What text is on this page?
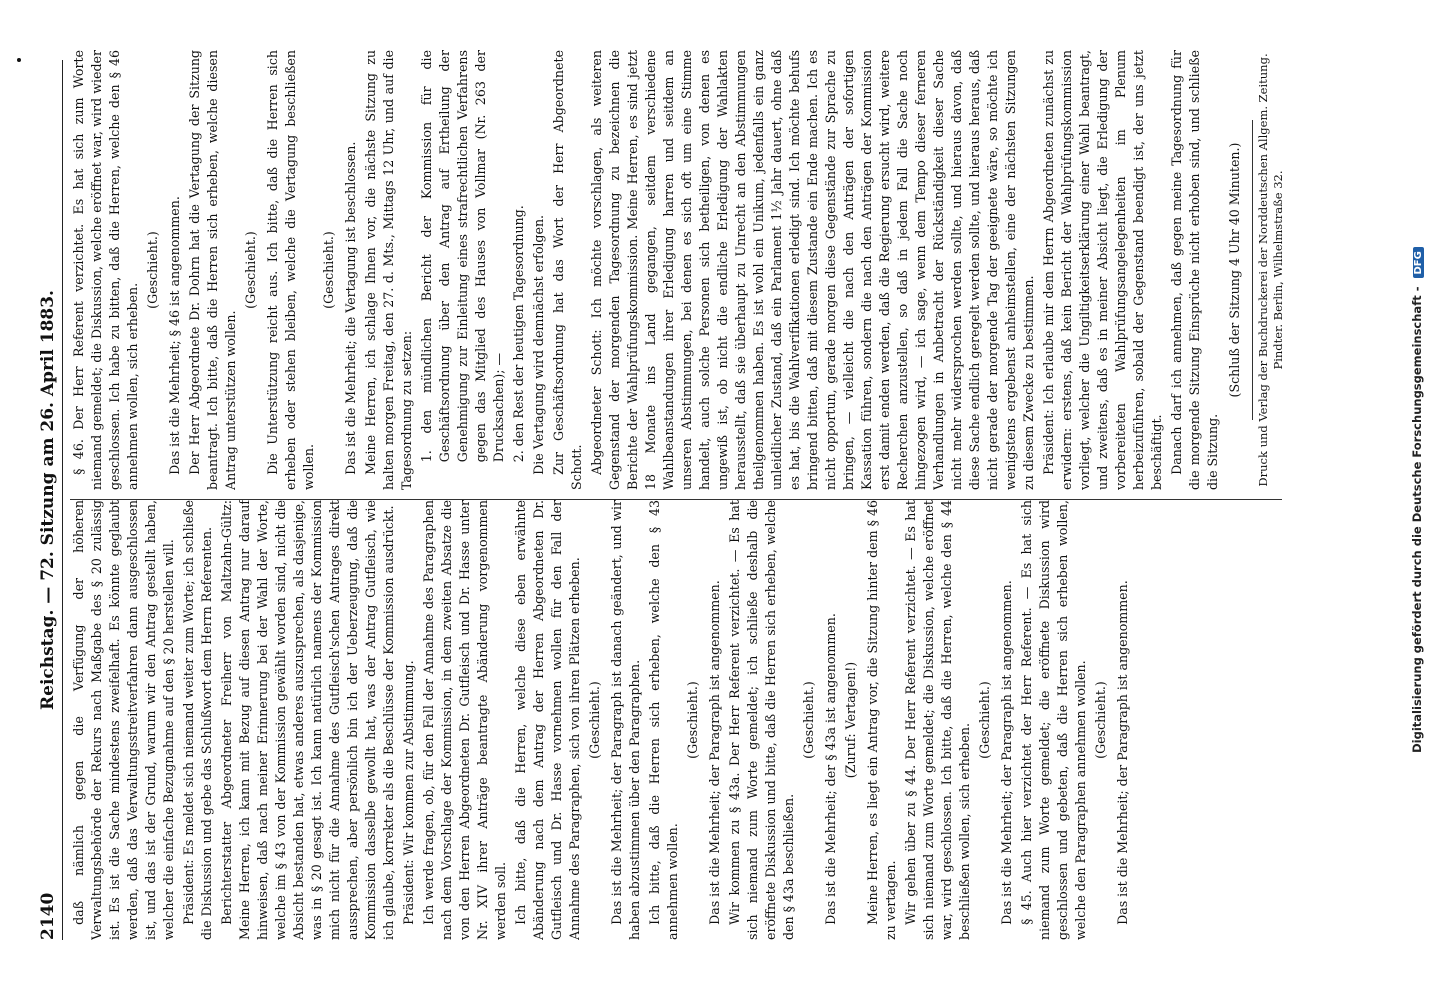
2140
Reichstag. — 72. Sitzung am 26. April 1883. daß nämlich gegen die Verfügung der höheren Verwaltungsbehörde der Rekurs nach Maßgabe des § 20 zulässig ist. Es ist die Sache mindestens zweifelhaft. Es könnte geglaubt werden, daß das Verwaltungsstreitverfahren dann ausgeschlossen ist, und das ist der Grund, warum wir den Antrag gestellt haben, welcher die einfache Bezugnahme auf den § 20 herstellen will. Präsident: Es meldet sich niemand weiter zum Worte; ich schließe die Diskussion und gebe das Schlußwort dem Herrn Referenten. Berichterstatter Abgeordneter Freiherr von Maltzahn-Gültz: Meine Herren, ich kann mit Bezug auf diesen Antrag nur darauf hinweisen, daß nach meiner Erinnerung bei der Wahl der Worte, welche im § 43 von der Kommission gewählt worden sind, nicht die Absicht bestanden hat, etwas anderes auszusprechen, als dasjenige, was in § 20 gesagt ist. Ich kann natürlich namens der Kommission mich nicht für die Annahme des Gutfleisch'schen Antrages direkt aussprechen, aber persönlich bin ich der Ueberzeugung, daß die Kommission dasselbe gewollt hat, was der Antrag Gutfleisch, wie ich glaube, korrekter als die Beschlüsse der Kommission ausdrückt. Präsident: Wir kommen zur Abstimmung. Ich werde fragen, ob, für den Fall der Annahme des Paragraphen nach dem Vorschlage der Kommission, in dem zweiten Absatze die von den Herren Abgeordneten Dr. Gutfleisch und Dr. Hasse unter Nr. XIV ihrer Anträge beantragte Abänderung vorgenommen werden soll. Ich bitte, daß die Herren, welche diese eben erwähnte Abänderung nach dem Antrag der Herren Abgeordneten Dr. Gutfleisch und Dr. Hasse vornehmen wollen für den Fall der Annahme des Paragraphen, sich von ihren Plätzen erheben. (Geschieht.) Das ist die Mehrheit; der Paragraph ist danach geändert, und wir haben abzustimmen über den Paragraphen. Ich bitte, daß die Herren sich erheben, welche den § 43 annehmen wollen.

(Geschieht.) Das ist die Mehrheit; der Paragraph ist angenommen. Wir kommen zu § 43a. Der Herr Referent verzichtet. — Es hat sich niemand zum Worte gemeldet; ich schließe deshalb die eröffnete Diskussion und bitte, daß die Herren sich erheben, welche den § 43a beschließen.

(Geschieht.) Das ist die Mehrheit; der § 43a ist angenommen. (Zuruf: Vertagen!) Meine Herren, es liegt ein Antrag vor, die Sitzung hinter dem § 46 zu vertagen. Wir gehen über zu § 44. Der Herr Referent verzichtet. — Es hat sich niemand zum Worte gemeldet; die Diskussion, welche eröffnet war, wird geschlossen. Ich bitte, daß die Herren, welche den § 44 beschließen wollen, sich erheben.

(Geschieht.) Das ist die Mehrheit; der Paragraph ist angenommen. § 45. Auch hier verzichtet der Herr Referent. — Es hat sich niemand zum Worte gemeldet; die eröffnete Diskussion wird geschlossen und gebeten, daß die Herren sich erheben wollen, welche den Paragraphen annehmen wollen. (Geschieht.) Das ist die Mehrheit; der Paragraph ist angenommen.

§ 46. Der Herr Referent verzichtet. Es hat sich zum Worte niemand gemeldet; die Diskussion, welche eröffnet war, wird wieder geschlossen. Ich habe zu bitten, daß die Herren, welche den § 46 annehmen wollen, sich erheben.

(Geschieht.) Das ist die Mehrheit; § 46 ist angenommen. Der Herr Abgeordnete Dr. Dohrn hat die Vertagung der Sitzung beantragt. Ich bitte, daß die Herren sich erheben, welche diesen Antrag unterstützen wollen.

(Geschieht.) Die Unterstützung reicht aus. Ich bitte, daß die Herren sich erheben oder stehen bleiben, welche die Vertagung beschließen wollen.

(Geschieht.) Das ist die Mehrheit; die Vertagung ist beschlossen. Meine Herren, ich schlage Ihnen vor, die nächste Sitzung zu halten morgen Freitag, den 27. d. Mts., Mittags 12 Uhr, und auf die Tagesordnung zu setzen: 1. den mündlichen Bericht der Kommission für die Geschäftsordnung über den Antrag auf Ertheilung der Genehmigung zur Einleitung eines strafrechtlichen Verfahrens gegen das Mitglied des Hauses von Vollmar (Nr. 263 der Drucksachen); — 2. den Rest der heutigen Tagesordnung. Die Vertagung wird demnächst erfolgen. Zur Geschäftsordnung hat das Wort der Herr Abgeordnete Schott. Abgeordneter Schott: Ich möchte vorschlagen, als weiteren Gegenstand der morgenden Tagesordnung zu bezeichnen die Berichte der Wahlprüfungskommission. Meine Herren, es sind jetzt 18 Monate ins Land gegangen, seitdem verschiedene Wahlbeanstandungen ihrer Erledigung harren und seitdem an unseren Abstimmungen, bei denen es sich oft um eine Stimme handelt, auch solche Personen sich betheiligen, von denen es ungewiß ist, ob nicht die endliche Erledigung der Wahlakten herausstellt, daß sie überhaupt zu Unrecht an den Abstimmungen theilgenommen haben. Es ist wohl ein Unikum, jedenfalls ein ganz unleidlicher Zustand, daß ein Parlament 1½ Jahr dauert, ohne daß es hat, bis die Wahlverifikationen erledigt sind. Ich möchte behufs bringend bitten, daß mit diesem Zustande ein Ende machen. Ich es nicht opportun, gerade morgen diese Gegenstände zur Sprache zu bringen, — vielleicht die nach den Anträgen der sofortigen Kassation führen, sondern die nach den Anträgen der Kommission erst damit enden werden, daß die Regierung ersucht wird, weitere Recherchen anzustellen, so daß in jedem Fall die Sache noch hingezogen wird, — ich sage, wenn dem Tempo dieser ferneren Verhandlungen in Anbetracht der Rückständigkeit dieser Sache nicht mehr widersprochen werden sollte, und hieraus davon, daß diese Sache endlich geregelt werden sollte, und hieraus heraus, daß nicht gerade der morgende Tag der geeignete wäre, so möchte ich wenigstens ergebenst anheimstellen, eine der nächsten Sitzungen zu diesem Zwecke zu bestimmen. Präsident: Ich erlaube mir dem Herrn Abgeordneten zunächst zu erwidern: erstens, daß kein Bericht der Wahlprüfungskommission vorliegt, welcher die Ungiltigkeitserklärung einer Wahl beantragt, und zweitens, daß es in meiner Absicht liegt, die Erledigung der vorbereiteten Wahlprüfungsangelegenheiten im Plenum herbeizuführen, sobald der Gegenstand beendigt ist, der uns jetzt beschäftigt. Danach darf ich annehmen, daß gegen meine Tagesordnung für die morgende Sitzung Einsprüche nicht erhoben sind, und schließe die Sitzung.

(Schluß der Sitzung 4 Uhr 40 Minuten.) Druck und Verlag der Buchdruckerei der Norddeutschen Allgem. Zeitung. Pindter. Berlin, Wilhelmstraße 32.

Digitalisierung gefördert durch die Deutsche Forschungsgemeinschaft - DFG
